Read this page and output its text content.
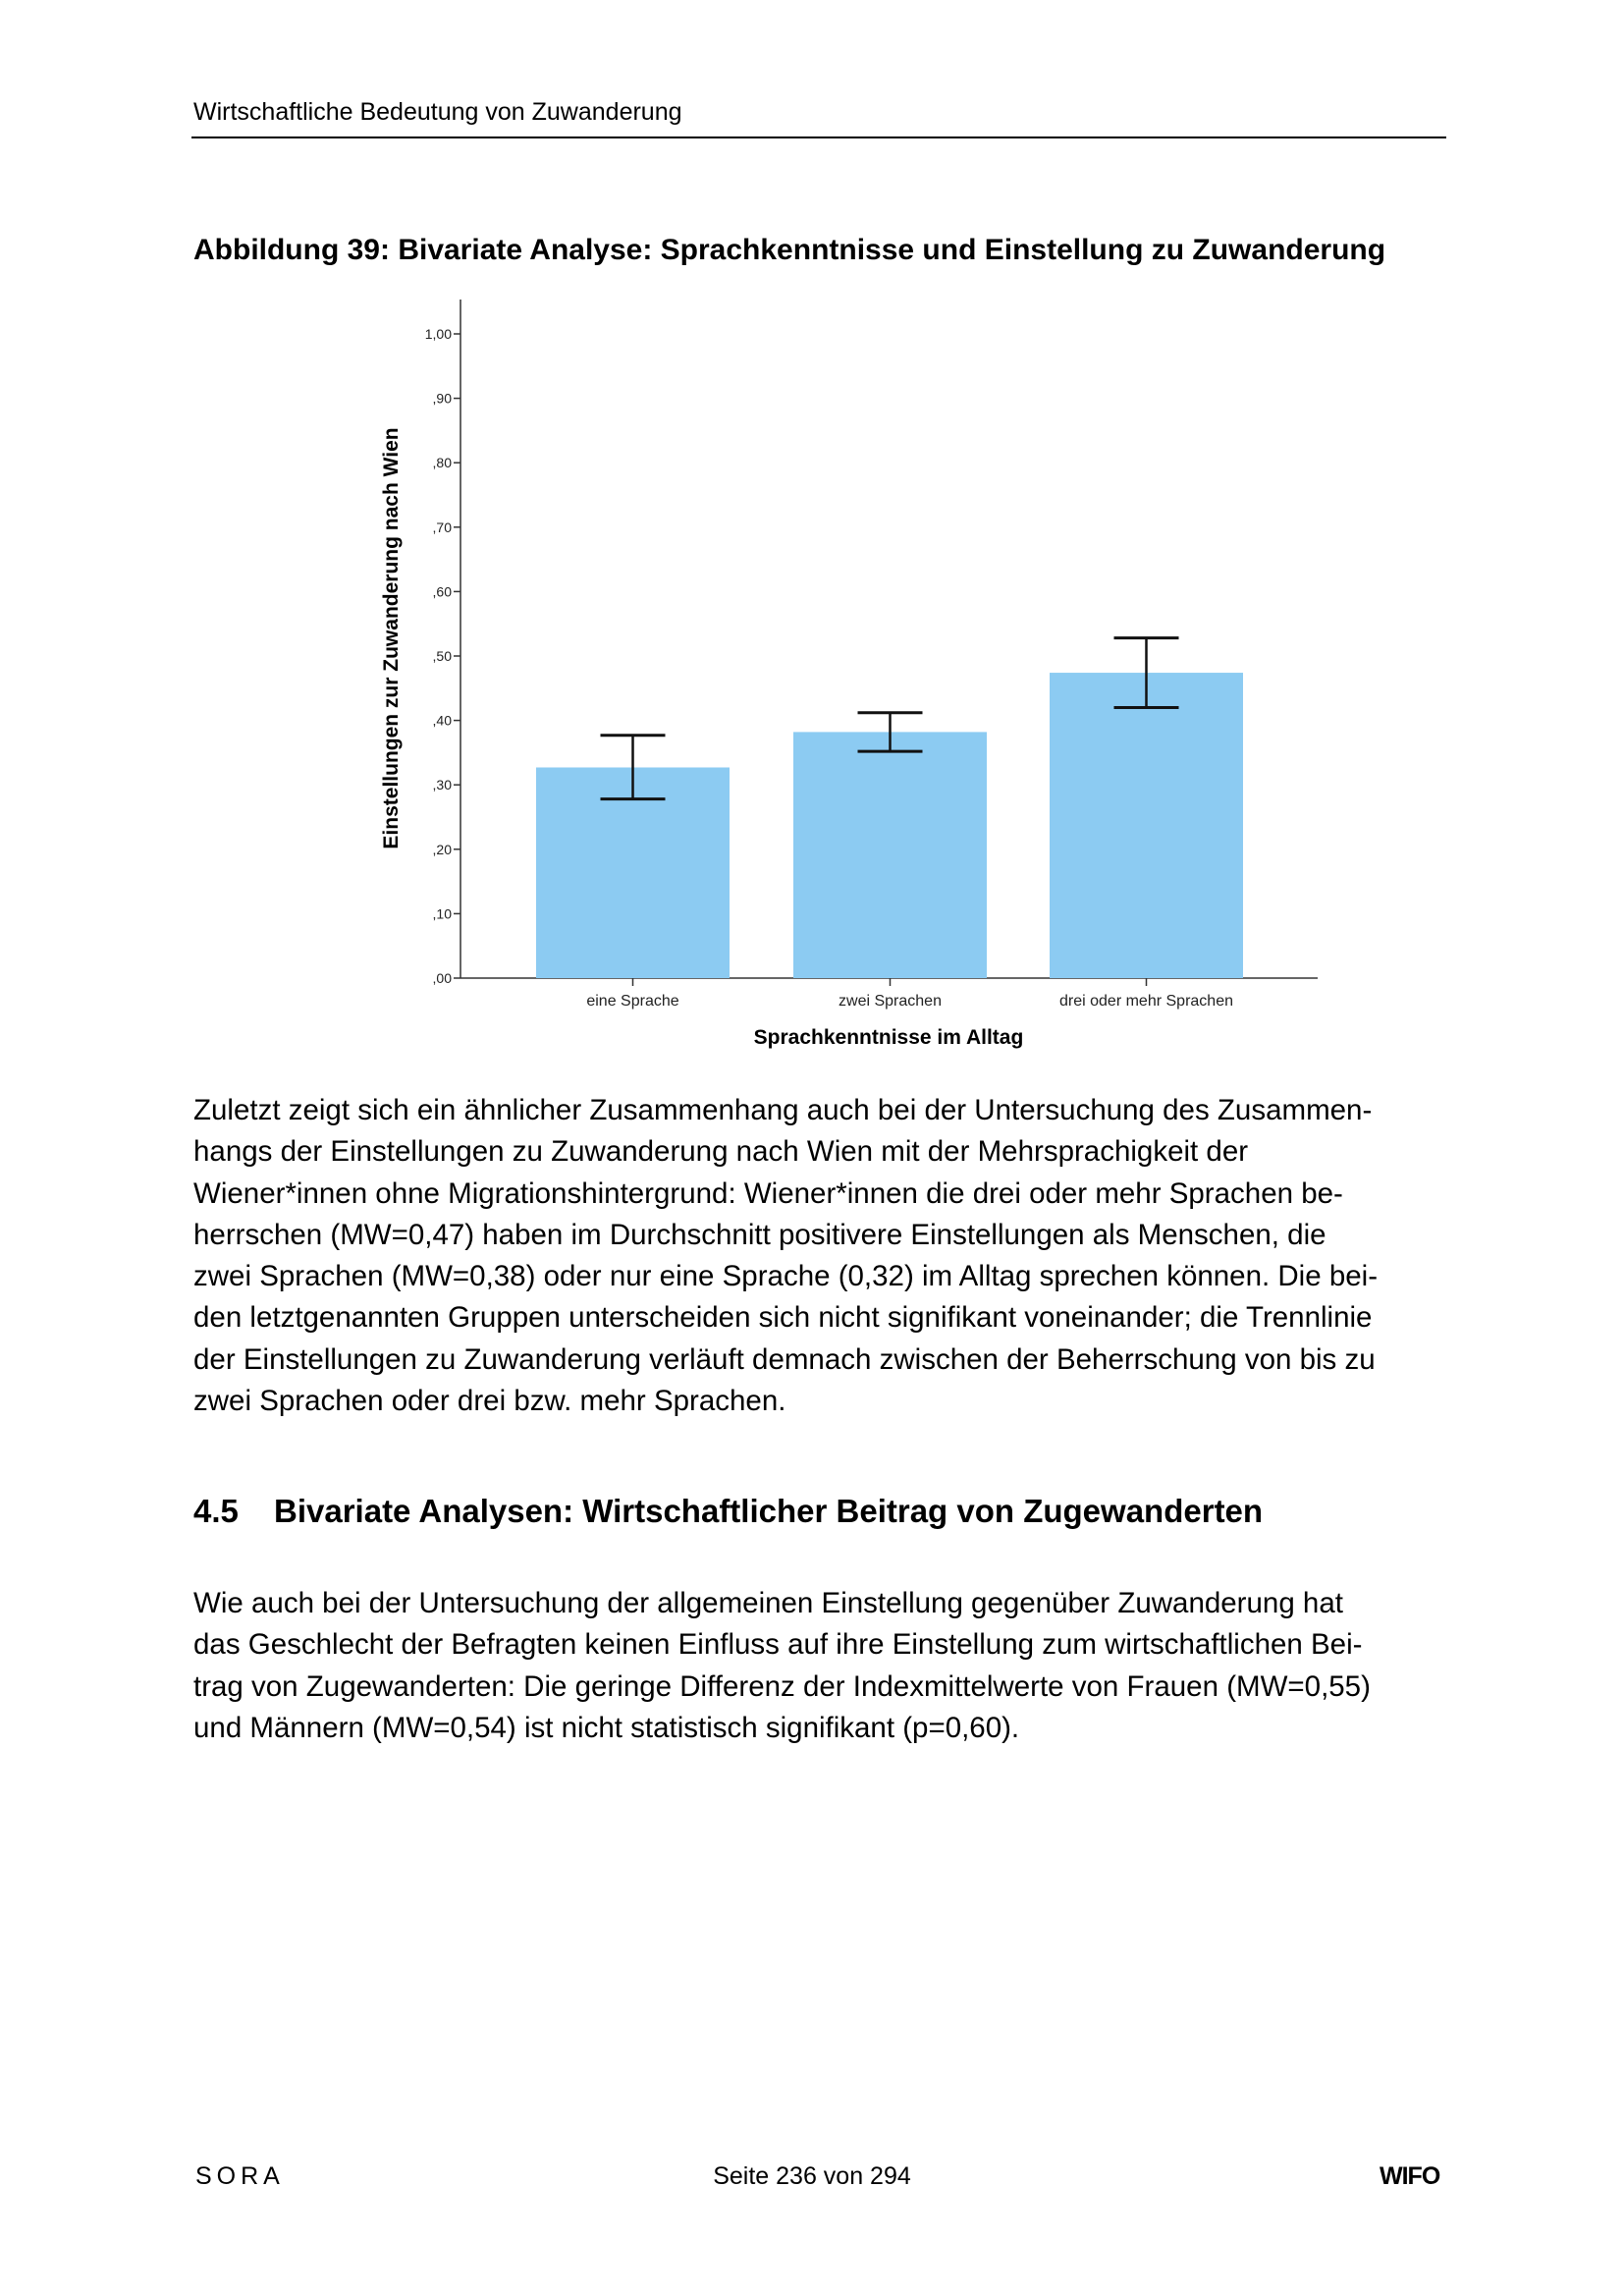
Wirtschaftliche Bedeutung von Zuwanderung
Abbildung 39: Bivariate Analyse: Sprachkenntnisse und Einstellung zu Zuwanderung
,00
,10
,20
,30
,40
,50
,60
,70
,80
,90
1,00
eine Sprache	zwei Sprachen	drei oder mehr Sprachen
Sprachkenntnisse im Alltag
Einstellungen zur Zuwanderung nach Wien
Zuletzt zeigt sich ein ähnlicher Zusammenhang auch bei der Untersuchung des Zusammen-
hangs der Einstellungen zu Zuwanderung nach Wien mit der Mehrsprachigkeit der
Wiener*innen ohne Migrationshintergrund: Wiener*innen die drei oder mehr Sprachen be-
herrschen (MW=0,47) haben im Durchschnitt positivere Einstellungen als Menschen, die
zwei Sprachen (MW=0,38) oder nur eine Sprache (0,32) im Alltag sprechen können. Die bei-
den letztgenannten Gruppen unterscheiden sich nicht signifikant voneinander; die Trennlinie
der Einstellungen zu Zuwanderung verläuft demnach zwischen der Beherrschung von bis zu
zwei Sprachen oder drei bzw. mehr Sprachen.
4.5 Bivariate Analysen: Wirtschaftlicher Beitrag von Zugewanderten
Wie auch bei der Untersuchung der allgemeinen Einstellung gegenüber Zuwanderung hat
das Geschlecht der Befragten keinen Einfluss auf ihre Einstellung zum wirtschaftlichen Bei-
trag von Zugewanderten: Die geringe Differenz der Indexmittelwerte von Frauen (MW=0,55)
und Männern (MW=0,54) ist nicht statistisch signifikant (p=0,60).
SORA	Seite 236 von 294	WIFO
